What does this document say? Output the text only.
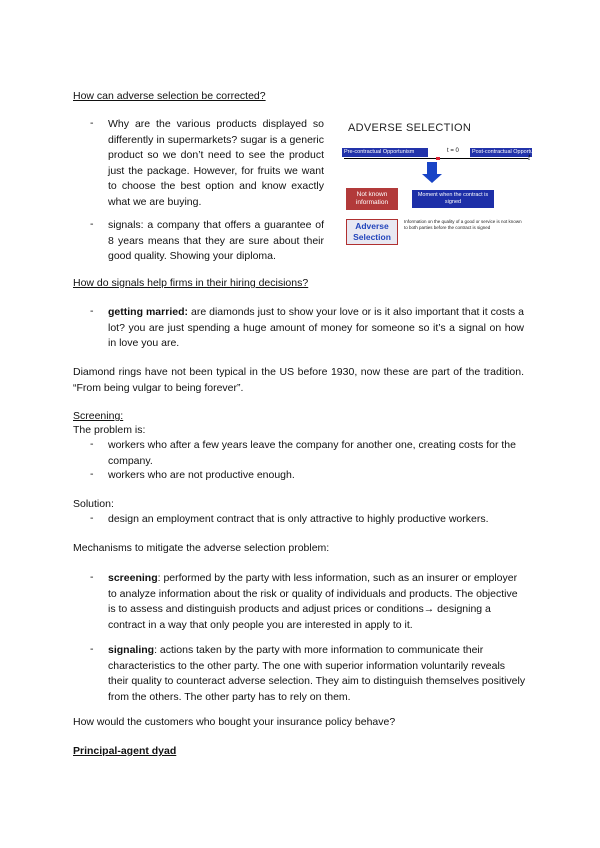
How can adverse selection be corrected?
- Why are the various products displayed so differently in supermarkets? sugar is a generic product so we don’t need to see the product just the package. However, for fruits we want to choose the best option and know exactly what we are buying.
- signals: a company that offers a guarantee of 8 years means that they are sure about their good quality. Showing your diploma.
ADVERSE SELECTION
Pre-contractual Opportunism	t = 0	Post-contractual Opportunism
t
Not known information
Moment when the contract is signed
Adverse Selection
Information on the quality of a good or service is not known to both parties before the contract is signed
How do signals help firms in their hiring decisions?
- getting married: are diamonds just to show your love or is it also important that it costs a lot? you are just spending a huge amount of money for someone so it’s a signal on how in love you are.
Diamond rings have not been typical in the US before 1930, now these are part of the tradition. “From being vulgar to being forever”.
Screening:
The problem is:
- workers who after a few years leave the company for another one, creating costs for the company.
- workers who are not productive enough.
Solution:
- design an employment contract that is only attractive to highly productive workers.
Mechanisms to mitigate the adverse selection problem:
- screening: performed by the party with less information, such as an insurer or employer to analyze information about the risk or quality of individuals and products. The objective is to assess and distinguish products and adjust prices or conditions→ designing a contract in a way that only people you are interested in apply to it.
- signaling: actions taken by the party with more information to communicate their characteristics to the other party. The one with superior information voluntarily reveals their quality to counteract adverse selection. They aim to distinguish themselves positively from the others. The other party has to rely on them.
How would the customers who bought your insurance policy behave?
Principal-agent dyad
